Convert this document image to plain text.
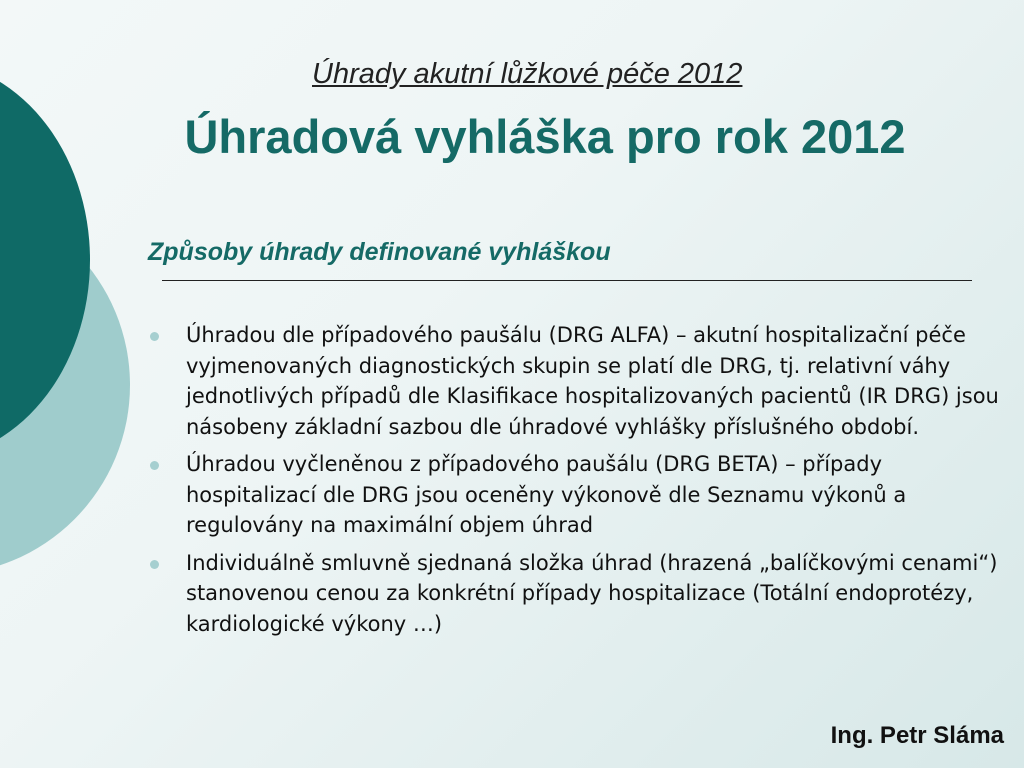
Úhrady akutní lůžkové péče 2012
Úhradová vyhláška pro rok 2012
Způsoby úhrady definované vyhláškou
Úhradou dle případového paušálu (DRG ALFA) – akutní hospitalizační péče vyjmenovaných diagnostických skupin se platí dle DRG, tj. relativní váhy jednotlivých případů dle Klasifikace hospitalizovaných pacientů (IR DRG) jsou násobeny základní sazbou dle úhradové vyhlášky příslušného období.
Úhradou vyčleněnou z případového paušálu (DRG BETA) – případy hospitalizací dle DRG jsou oceněny výkonově dle Seznamu výkonů a regulovány na maximální objem úhrad
Individuálně smluvně sjednaná složka úhrad (hrazená „balíčkovými cenami“) stanovenou cenou za konkrétní případy hospitalizace (Totální endoprotézy, kardiologické výkony …)
Ing. Petr Sláma
